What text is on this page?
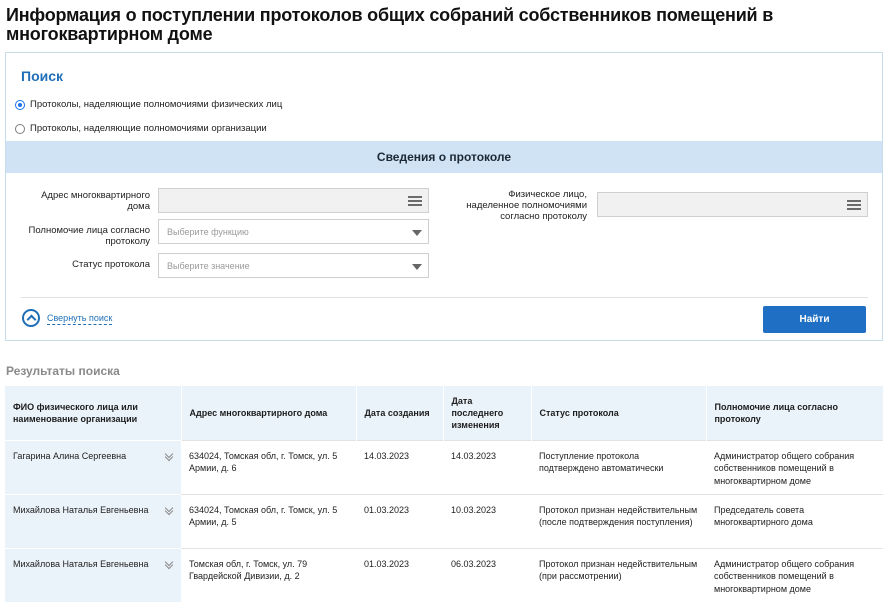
Информация о поступлении протоколов общих собраний собственников помещений в многоквартирном доме
Поиск
Протоколы, наделяющие полномочиями физических лиц
Протоколы, наделяющие полномочиями организации
Сведения о протоколе
Адрес многоквартирного дома
Полномочие лица согласно протоколу
Выберите функцию
Статус протокола Выберите значение
Физическое лицо, наделенное полномочиями согласно протоколу
Свернуть поиск	Найти
Результаты поиска
ФИО физического лица или наименование организации	Адрес многоквартирного дома	Дата создания	Дата последнего изменения	Статус протокола	Полномочие лица согласно протоколу
Гагарина Алина Сергеевна	634024, Томская обл, г. Томск, ул. 5 Армии, д. 6	14.03.2023	14.03.2023	Поступление протокола подтверждено автоматически	Администратор общего собрания собственников помещений в многоквартирном доме
Михайлова Наталья Евгеньевна	634024, Томская обл, г. Томск, ул. 5 Армии, д. 5	01.03.2023	10.03.2023	Протокол признан недействительным (после подтверждения поступления)	Председатель совета многоквартирного дома
Михайлова Наталья Евгеньевна	Томская обл, г. Томск, ул. 79 Гвардейской Дивизии, д. 2	01.03.2023	06.03.2023	Протокол признан недействительным (при рассмотрении)	Администратор общего собрания собственников помещений в многоквартирном доме
